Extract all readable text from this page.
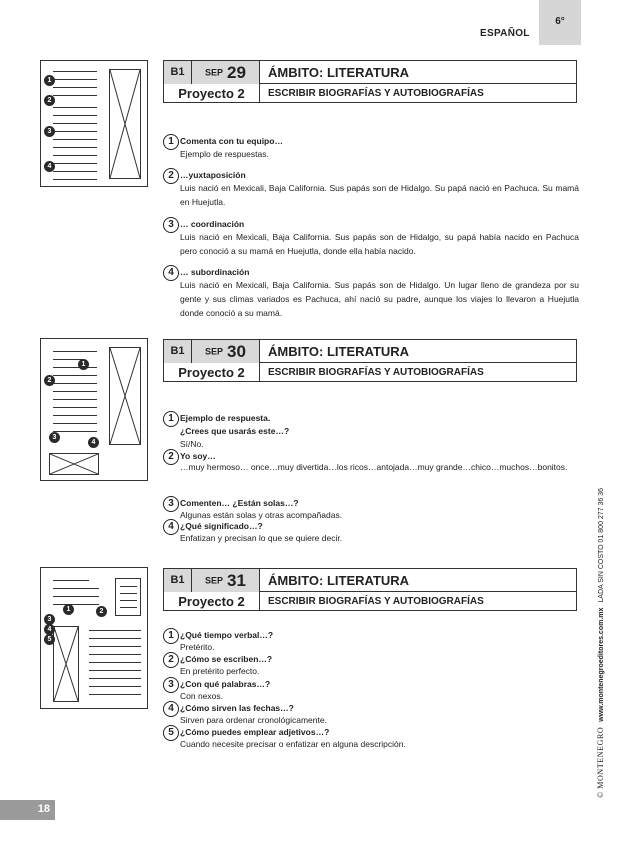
ESPAÑOL
6°
1
2
3
4
B1	SEP 29	ÁMBITO: LITERATURA
Proyecto 2	ESCRIBIR BIOGRAFÍAS Y AUTOBIOGRAFÍAS
1 Comenta con tu equipo…
Ejemplo de respuestas.
2 …yuxtaposición
Luis nació en Mexicali, Baja California. Sus papás son de Hidalgo. Su papá nació en Pachuca. Su mamá en Huejutla.
3 … coordinación
Luis nació en Mexicali, Baja California. Sus papás son de Hidalgo, su papá había nacido en Pachuca pero conoció a su mamá en Huejutla, donde ella había nacido.
4 … subordinación
Luis nació en Mexicali, Baja California. Sus papás son de Hidalgo. Un lugar lleno de grandeza por su gente y sus climas variados es Pachuca, ahí nació su padre, aunque los viajes lo llevaron a Huejutla donde conoció a su mamá.
1
2
3
4
B1	SEP 30	ÁMBITO: LITERATURA
Proyecto 2	ESCRIBIR BIOGRAFÍAS Y AUTOBIOGRAFÍAS
1 Ejemplo de respuesta.
¿Crees que usarás este…?
Sí/No.
2 Yo soy…
…muy hermoso… once…muy divertida…los ricos…antojada…muy grande…chico…muchos…bonitos.
3 Comenten… ¿Están solas…?
Algunas están solas y otras acompañadas.
4 ¿Qué significado…?
Enfatizan y precisan lo que se quiere decir.
1	2
3
4
5
B1	SEP 31	ÁMBITO: LITERATURA
Proyecto 2	ESCRIBIR BIOGRAFÍAS Y AUTOBIOGRAFÍAS
1 ¿Qué tiempo verbal…?
Pretérito.
2 ¿Cómo se escriben…?
En pretérito perfecto.
3 ¿Con qué palabras…?
Con nexos.
4 ¿Cómo sirven las fechas…?
Sirven para ordenar cronológicamente.
5 ¿Cómo puedes emplear adjetivos…?
Cuando necesite precisar o enfatizar en alguna descripción.	© MONTENEGROwww.montenegroeditores.com.mxLADA SIN COSTO 01 800 277 36 36
18
